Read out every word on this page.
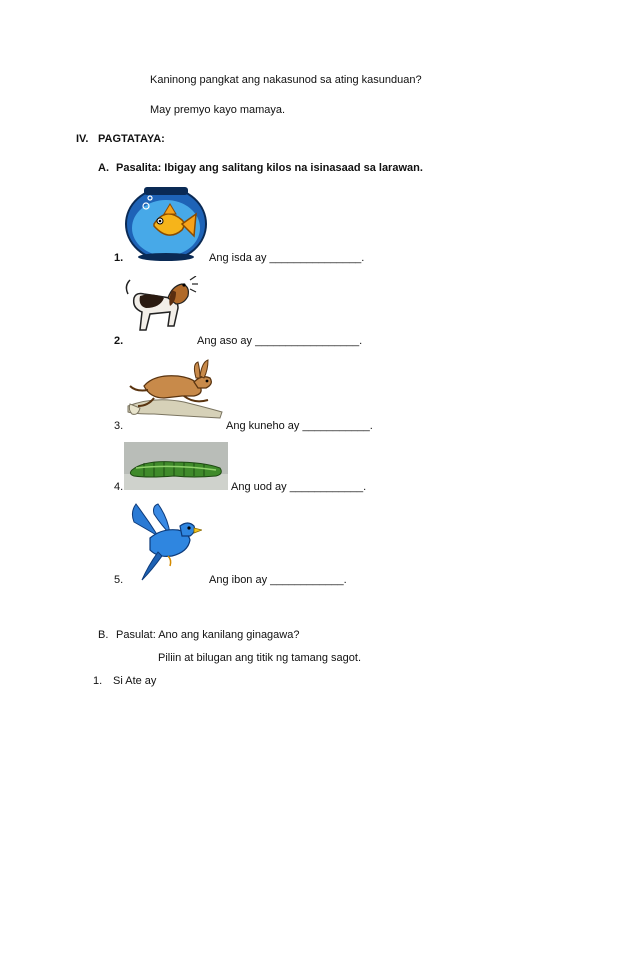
Kaninong pangkat ang nakasunod sa ating kasunduan?
May premyo kayo mamaya.
IV. PAGTATAYA:
A. Pasalita: Ibigay ang salitang kilos na isinasaad sa larawan.
1.	Ang isda ay _______________.
2.	Ang aso ay _________________.
3.	Ang kuneho ay ___________.
4.	Ang uod ay ____________.
5.	Ang ibon ay ____________.
B. Pasulat: Ano ang kanilang ginagawa?
Piliin at bilugan ang titik ng tamang sagot.
1. Si Ate ay
